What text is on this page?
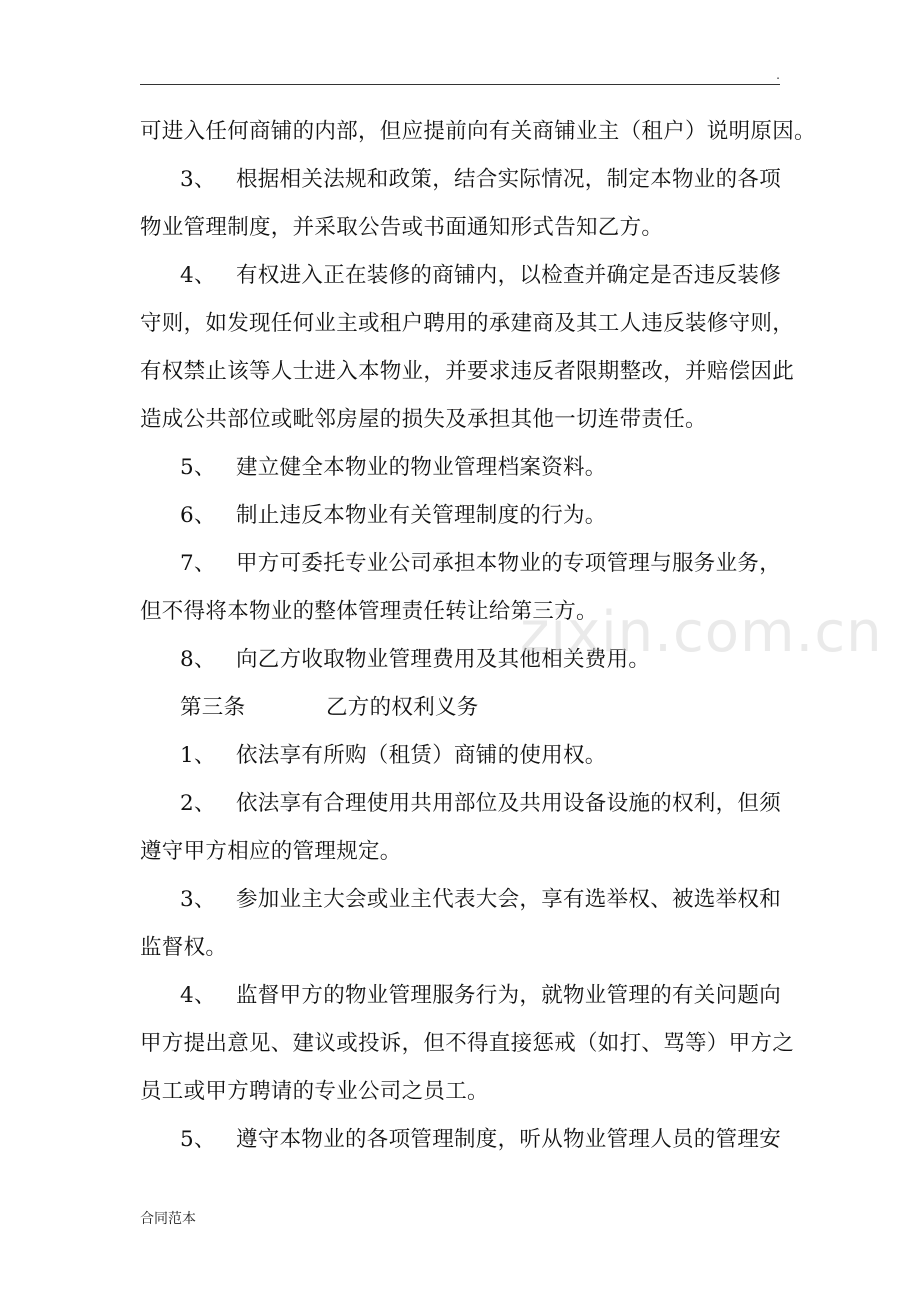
.
可进入任何商铺的内部，但应提前向有关商铺业主（租户）说明原因。
3、 根据相关法规和政策，结合实际情况，制定本物业的各项
物业管理制度，并采取公告或书面通知形式告知乙方。
4、 有权进入正在装修的商铺内，以检查并确定是否违反装修
守则，如发现任何业主或租户聘用的承建商及其工人违反装修守则，
有权禁止该等人士进入本物业，并要求违反者限期整改，并赔偿因此
造成公共部位或毗邻房屋的损失及承担其他一切连带责任。
5、 建立健全本物业的物业管理档案资料。
6、 制止违反本物业有关管理制度的行为。
7、 甲方可委托专业公司承担本物业的专项管理与服务业务，
但不得将本物业的整体管理责任转让给第三方。
8、 向乙方收取物业管理费用及其他相关费用。
第三条	乙方的权利义务
1、 依法享有所购（租赁）商铺的使用权。
2、 依法享有合理使用共用部位及共用设备设施的权利，但须
遵守甲方相应的管理规定。
3、 参加业主大会或业主代表大会，享有选举权、被选举权和
监督权。
4、 监督甲方的物业管理服务行为，就物业管理的有关问题向
甲方提出意见、建议或投诉，但不得直接惩戒（如打、骂等）甲方之
员工或甲方聘请的专业公司之员工。
5、 遵守本物业的各项管理制度，听从物业管理人员的管理安
zixin.com.cn
合同范本
